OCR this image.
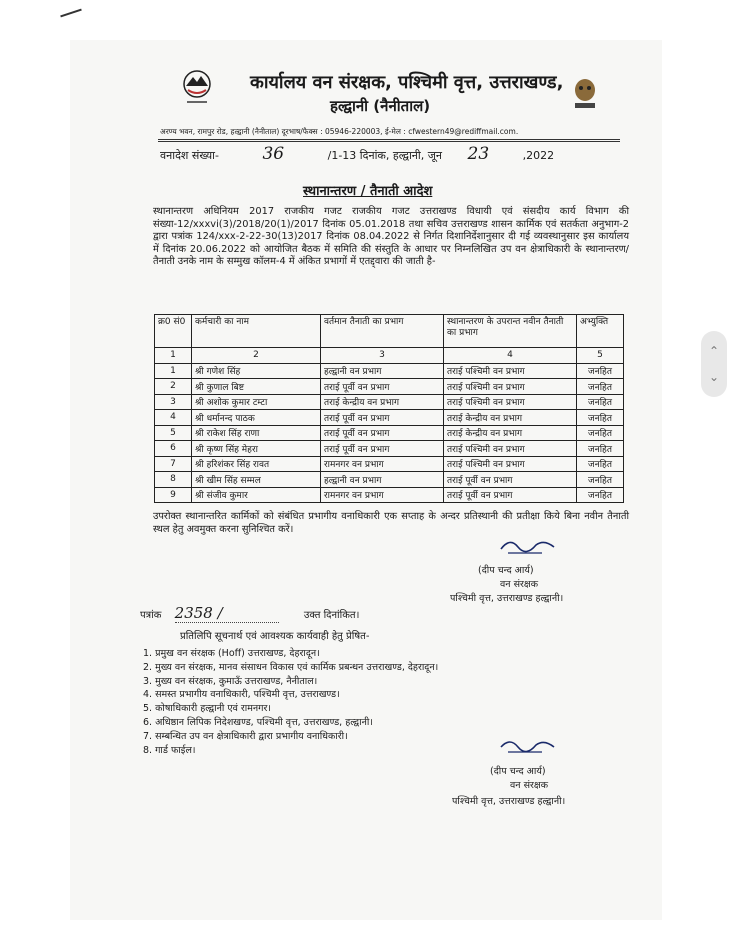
कार्यालय वन संरक्षक, पश्चिमी वृत्त, उत्तराखण्ड,
हल्द्वानी (नैनीताल)
अरण्य भवन, रामपुर रोड, हल्द्वानी (नैनीताल) दूरभाष/फैक्स : 05946-220003, ई-मेल : cfwestern49@rediffmail.com.
वनादेश संख्या-	36	/1-13 दिनांक, हल्द्वानी, जून 23	,2022
स्थानान्तरण / तैनाती आदेश
स्थानान्तरण अधिनियम 2017 राजकीय गजट राजकीय गजट उत्तराखण्ड विधायी एवं संसदीय कार्य विभाग की संख्या-12/xxxvi(3)/2018/20(1)/2017 दिनांक 05.01.2018 तथा सचिव उत्तराखण्ड शासन कार्मिक एवं सतर्कता अनुभाग-2 द्वारा पत्रांक 124/xxx-2-22-30(13)2017 दिनांक 08.04.2022 से निर्गत दिशानिर्देशानुसार दी गई व्यवस्थानुसार इस कार्यालय में दिनांक 20.06.2022 को आयोजित बैठक में समिति की संस्तुति के आधार पर निम्नलिखित उप वन क्षेत्राधिकारी के स्थानान्तरण/तैनाती उनके नाम के सम्मुख कॉलम-4 में अंकित प्रभागों में एतद्द्वारा की जाती है-
क्र0 सं0	कर्मचारी का नाम	वर्तमान तैनाती का प्रभाग	स्थानान्तरण के उपरान्त नवीन तैनाती का प्रभाग	अभ्युक्ति
1	2	3	4	5
1	श्री गणेश सिंह	हल्द्वानी वन प्रभाग	तराई पश्चिमी वन प्रभाग	जनहित
2	श्री कुणाल बिष्ट	तराई पूर्वी वन प्रभाग	तराई पश्चिमी वन प्रभाग	जनहित
3	श्री अशोक कुमार टम्टा	तराई केन्द्रीय वन प्रभाग	तराई पश्चिमी वन प्रभाग	जनहित
4	श्री धर्मानन्द पाठक	तराई पूर्वी वन प्रभाग	तराई केन्द्रीय वन प्रभाग	जनहित
5	श्री राकेश सिंह राणा	तराई पूर्वी वन प्रभाग	तराई केन्द्रीय वन प्रभाग	जनहित
6	श्री कृष्ण सिंह मेहरा	तराई पूर्वी वन प्रभाग	तराई पश्चिमी वन प्रभाग	जनहित
7	श्री हरिशंकर सिंह रावत	रामनगर वन प्रभाग	तराई पश्चिमी वन प्रभाग	जनहित
8	श्री खीम सिंह सम्मल	हल्द्वानी वन प्रभाग	तराई पूर्वी वन प्रभाग	जनहित
9	श्री संजीव कुमार	रामनगर वन प्रभाग	तराई पूर्वी वन प्रभाग	जनहित
उपरोक्त स्थानान्तरित कार्मिकों को संबंधित प्रभागीय वनाधिकारी एक सप्ताह के अन्दर प्रतिस्थानी की प्रतीक्षा किये बिना नवीन तैनाती स्थल हेतु अवमुक्त करना सुनिश्चित करें।
(दीप चन्द आर्य)
वन संरक्षक
पश्चिमी वृत्त, उत्तराखण्ड हल्द्वानी।
पत्रांक 2358 /	उक्त दिनांकित।
प्रतिलिपि सूचनार्थ एवं आवश्यक कार्यवाही हेतु प्रेषित-
1. प्रमुख वन संरक्षक (Hoff) उत्तराखण्ड, देहरादून।
2. मुख्य वन संरक्षक, मानव संसाधन विकास एवं कार्मिक प्रबन्धन उत्तराखण्ड, देहरादून।
3. मुख्य वन संरक्षक, कुमाऊँ उत्तराखण्ड, नैनीताल।
4. समस्त प्रभागीय वनाधिकारी, पश्चिमी वृत्त, उत्तराखण्ड।
5. कोषाधिकारी हल्द्वानी एवं रामनगर।
6. अधिष्ठान लिपिक निदेशखण्ड, पश्चिमी वृत्त, उत्तराखण्ड, हल्द्वानी।
7. सम्बन्धित उप वन क्षेत्राधिकारी द्वारा प्रभागीय वनाधिकारी।
8. गार्ड फाईल।
(दीप चन्द आर्य)
वन संरक्षक
पश्चिमी वृत्त, उत्तराखण्ड हल्द्वानी।
⌃
⌄
